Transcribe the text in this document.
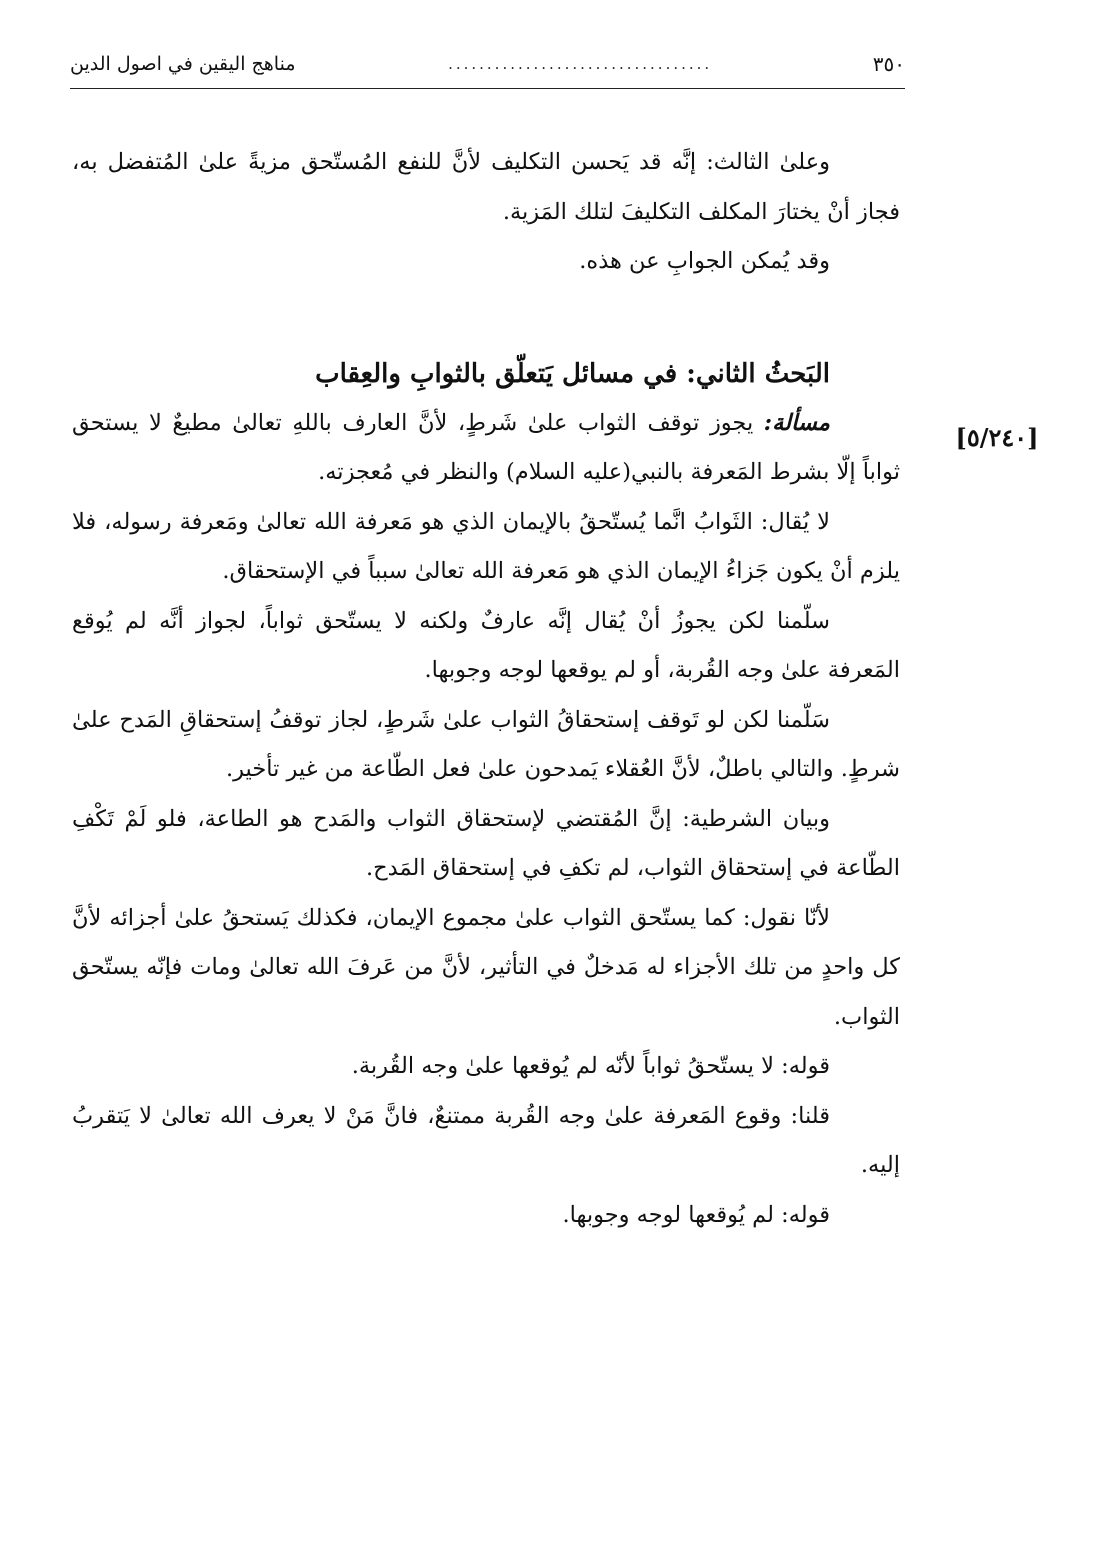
٣٥٠
..................................
مناهج اليقين في اصول الدين
[٥/٢٤٠]

وعلىٰ الثالث: إنَّه قد يَحسن التكليف لأنَّ للنفع المُستّحق مزيةً علىٰ المُتفضل به، فجاز أنْ يختارَ المكلف التكليفَ لتلك المَزية.

وقد يُمكن الجوابِ عن هذه.

البَحثُ الثاني: في مسائل يَتعلّق بالثوابِ والعِقاب

مسألة: يجوز توقف الثواب علىٰ شَرطٍ، لأنَّ العارف باللهِ تعالىٰ مطيعٌ لا يستحق ثواباً إلّا بشرط المَعرفة بالنبي(عليه السلام) والنظر في مُعجزته.

لا يُقال: الثَوابُ انَّما يُستّحقُ بالإيمان الذي هو مَعرفة الله تعالىٰ ومَعرفة رسوله، فلا يلزم أنْ يكون جَزاءُ الإيمان الذي هو مَعرفة الله تعالىٰ سبباً في الإستحقاق.

سلّمنا لكن يجوزُ أنْ يُقال إنَّه عارفٌ ولكنه لا يستّحق ثواباً، لجواز أنَّه لم يُوقع المَعرفة علىٰ وجه القُربة، أو لم يوقعها لوجه وجوبها.

سَلّمنا لكن لو تَوقف إستحقاقُ الثواب علىٰ شَرطٍ، لجاز توقفُ إستحقاقِ المَدح علىٰ شرطٍ. والتالي باطلٌ، لأنَّ العُقلاء يَمدحون علىٰ فعل الطّاعة من غير تأخير.

وبيان الشرطية: إنَّ المُقتضي لإستحقاق الثواب والمَدح هو الطاعة، فلو لَمْ تَكْفِ الطّاعة في إستحقاق الثواب، لم تكفِ في إستحقاق المَدح.

لأنّا نقول: كما يستّحق الثواب علىٰ مجموع الإيمان، فكذلك يَستحقُ علىٰ أجزائه لأنَّ كل واحدٍ من تلك الأجزاء له مَدخلٌ في التأثير، لأنَّ من عَرفَ الله تعالىٰ ومات فإنّه يستّحق الثواب.

قوله: لا يستّحقُ ثواباً لأنّه لم يُوقعها علىٰ وجه القُربة.

قلنا: وقوع المَعرفة علىٰ وجه القُربة ممتنعٌ، فانَّ مَنْ لا يعرف الله تعالىٰ لا يَتقربُ إليه.

قوله: لم يُوقعها لوجه وجوبها.
